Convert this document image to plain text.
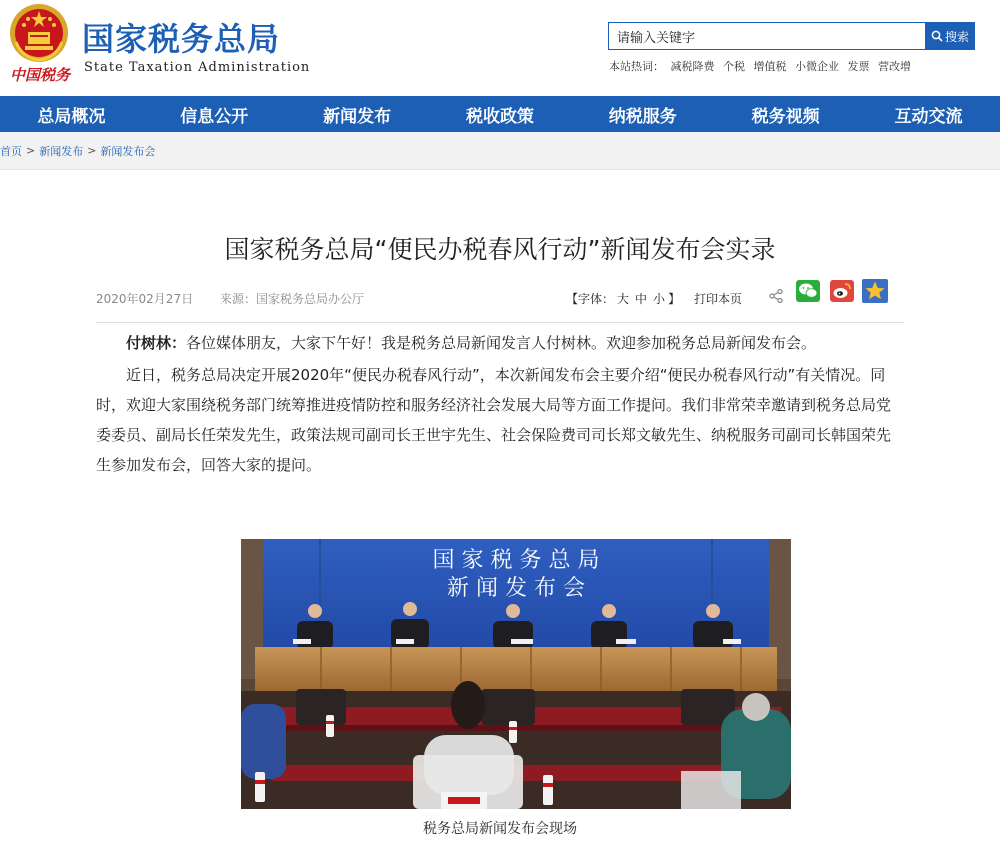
中国税务
国家税务总局
State Taxation Administration
请输入关键字
搜索
本站热词： 减税降费 个税 增值税 小微企业 发票 营改增
总局概况	信息公开	新闻发布	税收政策	纳税服务	税务视频	互动交流
首页 > 新闻发布 > 新闻发布会
国家税务总局“便民办税春风行动”新闻发布会实录
2020年02月27日 来源：国家税务总局办公厅	【字体： 大 中 小 】 打印本页

付树林：各位媒体朋友，大家下午好！我是税务总局新闻发言人付树林。欢迎参加税务总局新闻发布会。

近日，税务总局决定开展2020年“便民办税春风行动”，本次新闻发布会主要介绍“便民办税春风行动”有关情况。同时，欢迎大家围绕税务部门统筹推进疫情防控和服务经济社会发展大局等方面工作提问。我们非常荣幸邀请到税务总局党委委员、副局长任荣发先生，政策法规司副司长王世宇先生、社会保险费司司长郑文敏先生、纳税服务司副司长韩国荣先生参加发布会，回答大家的提问。

国 家 税 务 总 局
新 闻 发 布 会
税务总局新闻发布会现场
